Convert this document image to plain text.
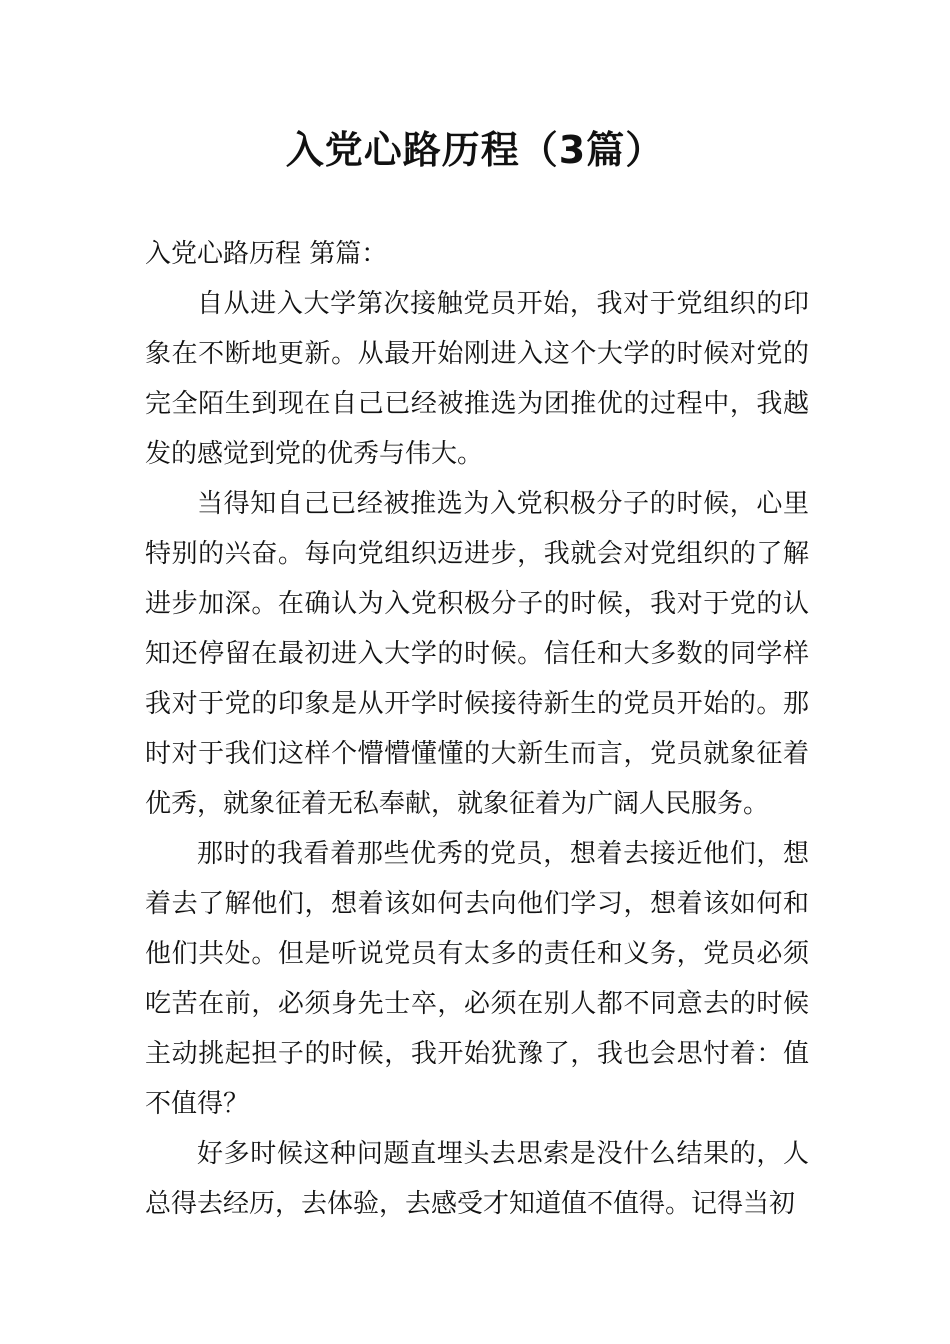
入党心路历程（3篇）

入党心路历程 第篇：

自从进入大学第次接触党员开始，我对于党组织的印象在不断地更新。从最开始刚进入这个大学的时候对党的完全陌生到现在自己已经被推选为团推优的过程中，我越发的感觉到党的优秀与伟大。

当得知自己已经被推选为入党积极分子的时候，心里特别的兴奋。每向党组织迈进步，我就会对党组织的了解进步加深。在确认为入党积极分子的时候，我对于党的认知还停留在最初进入大学的时候。信任和大多数的同学样我对于党的印象是从开学时候接待新生的党员开始的。那时对于我们这样个懵懵懂懂的大新生而言，党员就象征着优秀，就象征着无私奉献，就象征着为广阔人民服务。

那时的我看着那些优秀的党员，想着去接近他们，想着去了解他们，想着该如何去向他们学习，想着该如何和他们共处。但是听说党员有太多的责任和义务，党员必须吃苦在前，必须身先士卒，必须在别人都不同意去的时候主动挑起担子的时候，我开始犹豫了，我也会思忖着：值不值得？

好多时候这种问题直埋头去思索是没什么结果的，人总得去经历，去体验，去感受才知道值不值得。记得当初
